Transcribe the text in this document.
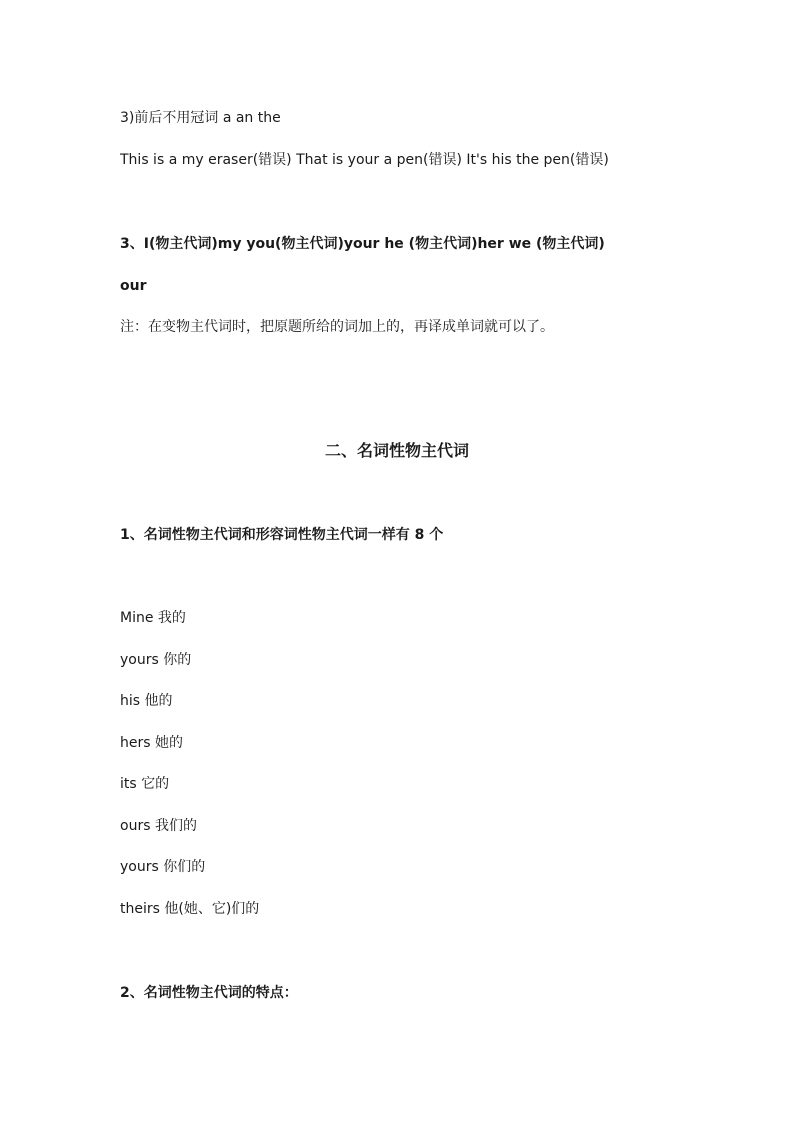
3)前后不用冠词 a an the
This is a my eraser(错误) That is your a pen(错误) It's his the pen(错误)
3、I(物主代词)my you(物主代词)your he (物主代词)her we (物主代词)
our
注：在变物主代词时，把原题所给的词加上的，再译成单词就可以了。
二、名词性物主代词
1、名词性物主代词和形容词性物主代词一样有 8 个
Mine 我的
yours 你的
his 他的
hers 她的
its 它的
ours 我们的
yours 你们的
theirs 他(她、它)们的
2、名词性物主代词的特点：
